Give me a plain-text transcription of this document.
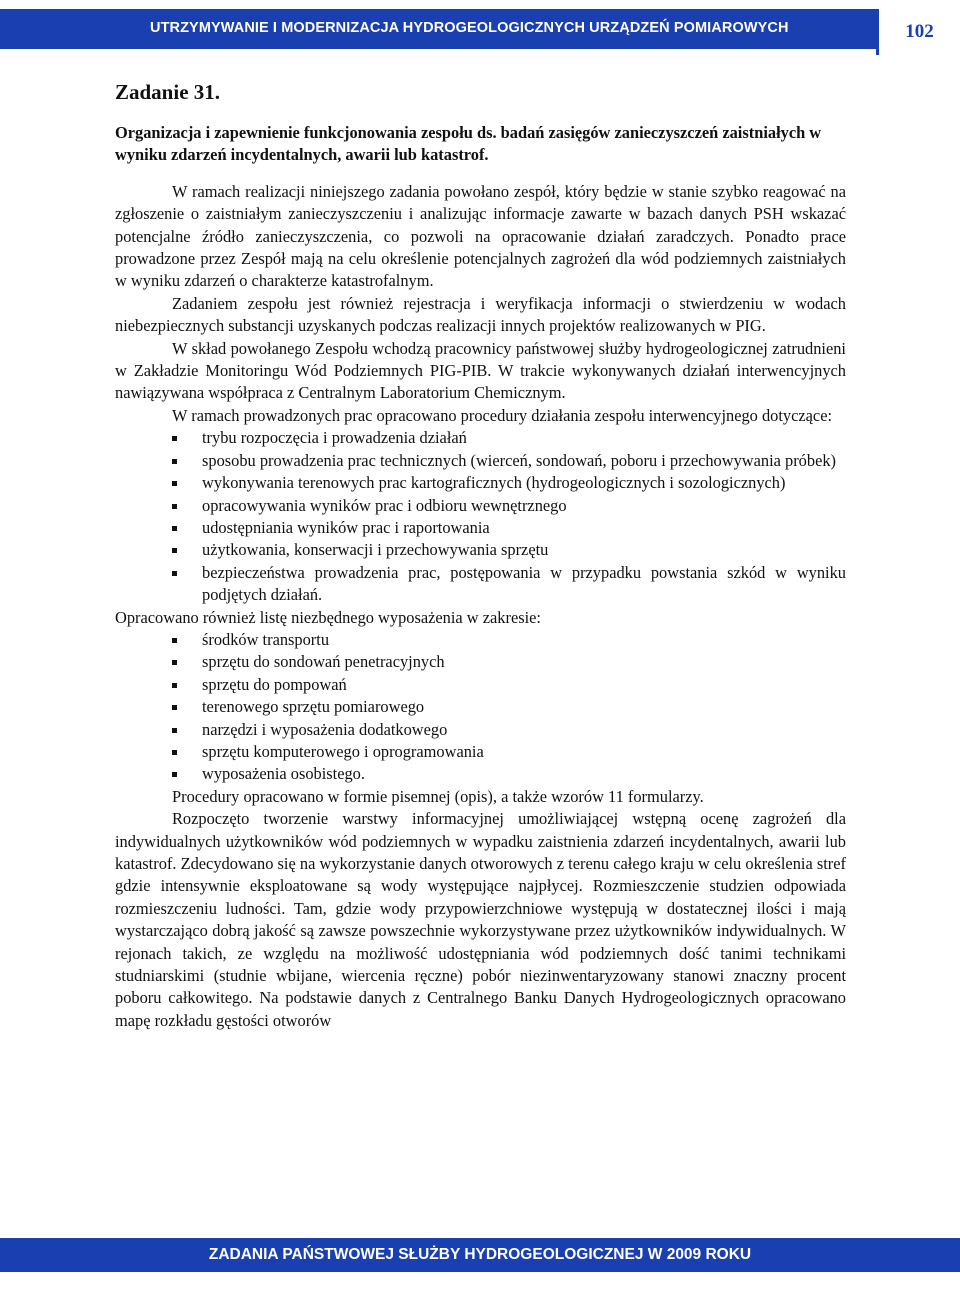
UTRZYMYWANIE I MODERNIZACJA HYDROGEOLOGICZNYCH URZĄDZEŃ POMIAROWYCH	102
Zadanie 31.
Organizacja i zapewnienie funkcjonowania zespołu ds. badań zasięgów zanieczyszczeń zaistniałych w wyniku zdarzeń incydentalnych, awarii lub katastrof.

W ramach realizacji niniejszego zadania powołano zespół, który będzie w stanie szybko reagować na zgłoszenie o zaistniałym zanieczyszczeniu i analizując informacje zawarte w bazach danych PSH wskazać potencjalne źródło zanieczyszczenia, co pozwoli na opracowanie działań zaradczych. Ponadto prace prowadzone przez Zespół mają na celu określenie potencjalnych zagrożeń dla wód podziemnych zaistniałych w wyniku zdarzeń o charakterze katastrofalnym.

Zadaniem zespołu jest również rejestracja i weryfikacja informacji o stwierdzeniu w wodach niebezpiecznych substancji uzyskanych podczas realizacji innych projektów realizowanych w PIG.

W skład powołanego Zespołu wchodzą pracownicy państwowej służby hydrogeologicznej zatrudnieni w Zakładzie Monitoringu Wód Podziemnych PIG-PIB. W trakcie wykonywanych działań interwencyjnych nawiązywana współpraca z Centralnym Laboratorium Chemicznym.

W ramach prowadzonych prac opracowano procedury działania zespołu interwencyjnego dotyczące:

trybu rozpoczęcia i prowadzenia działań
sposobu prowadzenia prac technicznych (wierceń, sondowań, poboru i przechowywania próbek)
wykonywania terenowych prac kartograficznych (hydrogeologicznych i sozologicznych)
opracowywania wyników prac i odbioru wewnętrznego
udostępniania wyników prac i raportowania
użytkowania, konserwacji i przechowywania sprzętu
bezpieczeństwa prowadzenia prac, postępowania w przypadku powstania szkód w wyniku podjętych działań.

Opracowano również listę niezbędnego wyposażenia w zakresie:

środków transportu
sprzętu do sondowań penetracyjnych
sprzętu do pompowań
terenowego sprzętu pomiarowego
narzędzi i wyposażenia dodatkowego
sprzętu komputerowego i oprogramowania
wyposażenia osobistego.

Procedury opracowano w formie pisemnej (opis), a także wzorów 11 formularzy.

Rozpoczęto tworzenie warstwy informacyjnej umożliwiającej wstępną ocenę zagrożeń dla indywidualnych użytkowników wód podziemnych w wypadku zaistnienia zdarzeń incydentalnych, awarii lub katastrof. Zdecydowano się na wykorzystanie danych otworowych z terenu całego kraju w celu określenia stref gdzie intensywnie eksploatowane są wody występujące najpłycej. Rozmieszczenie studzien odpowiada rozmieszczeniu ludności. Tam, gdzie wody przypowierzchniowe występują w dostatecznej ilości i mają wystarczająco dobrą jakość są zawsze powszechnie wykorzystywane przez użytkowników indywidualnych. W rejonach takich, ze względu na możliwość udostępniania wód podziemnych dość tanimi technikami studniarskimi (studnie wbijane, wiercenia ręczne) pobór niezinwentaryzowany stanowi znaczny procent poboru całkowitego. Na podstawie danych z Centralnego Banku Danych Hydrogeologicznych opracowano mapę rozkładu gęstości otworów

ZADANIA PAŃSTWOWEJ SŁUŻBY HYDROGEOLOGICZNEJ W 2009 ROKU
